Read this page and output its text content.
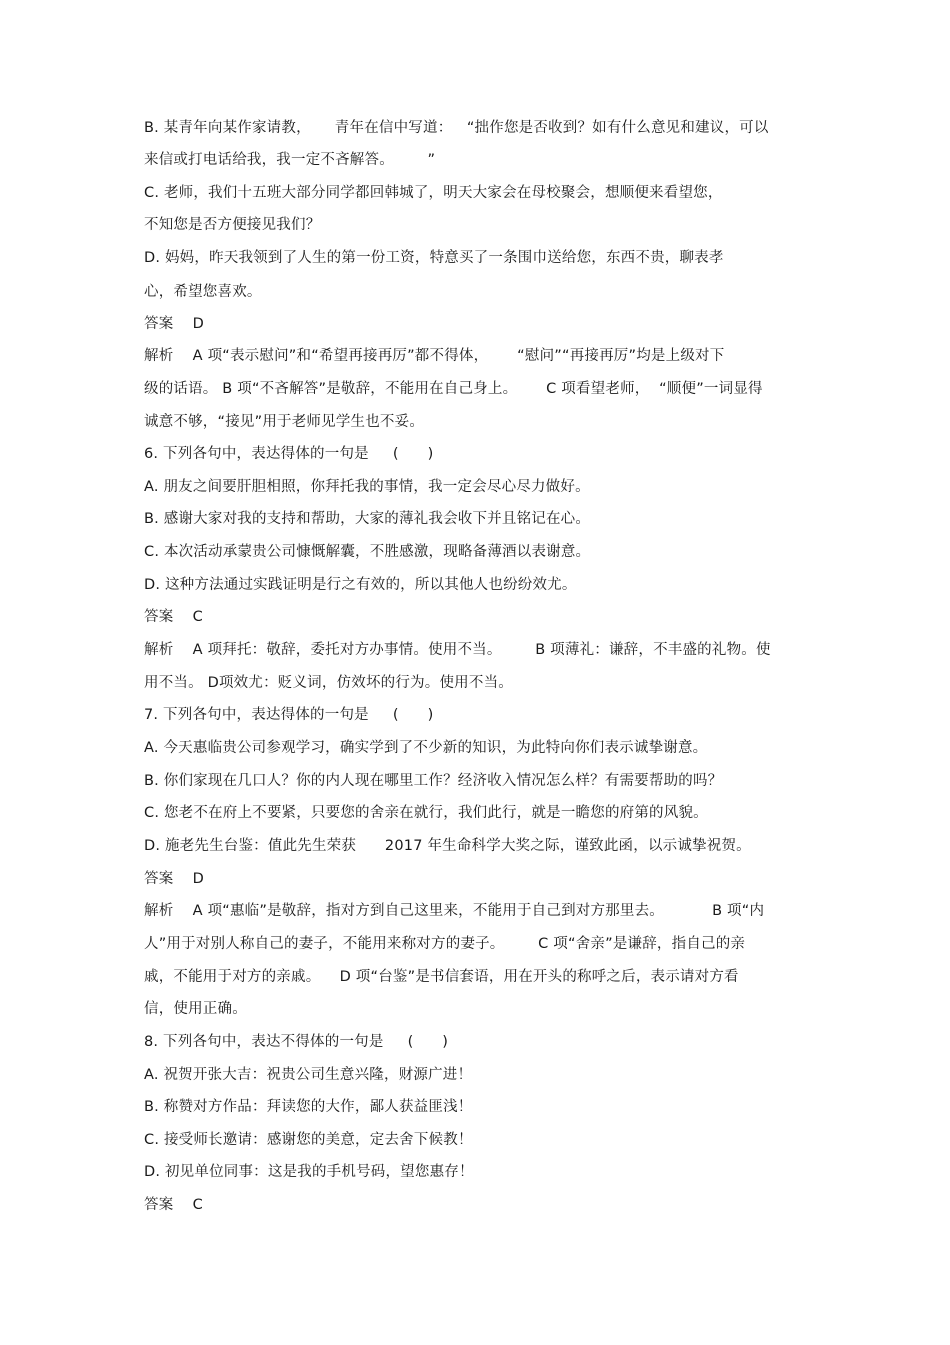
B. 某青年向某作家请教，     青年在信中写道：   “拙作您是否收到？如有什么意见和建议，可以
来信或打电话给我，我一定不吝解答。       ”
C. 老师，我们十五班大部分同学都回韩城了，明天大家会在母校聚会，想顺便来看望您，
不知您是否方便接见我们？
D. 妈妈，昨天我领到了人生的第一份工资，特意买了一条围巾送给您，东西不贵，聊表孝
心，希望您喜欢。
答案    D
解析    A 项“表示慰问”和“希望再接再厉”都不得体，      “慰问”“再接再厉”均是上级对下
级的话语。 B 项“不吝解答”是敬辞，不能用在自己身上。      C 项看望老师，  “顺便”一词显得
诚意不够，“接见”用于老师见学生也不妥。
6. 下列各句中，表达得体的一句是     (      )
A. 朋友之间要肝胆相照，你拜托我的事情，我一定会尽心尽力做好。
B. 感谢大家对我的支持和帮助，大家的薄礼我会收下并且铭记在心。
C. 本次活动承蒙贵公司慷慨解囊，不胜感激，现略备薄酒以表谢意。
D. 这种方法通过实践证明是行之有效的，所以其他人也纷纷效尤。
答案    C
解析    A 项拜托：敬辞，委托对方办事情。使用不当。       B 项薄礼：谦辞，不丰盛的礼物。使
用不当。 D项效尤：贬义词，仿效坏的行为。使用不当。
7. 下列各句中，表达得体的一句是     (      )
A. 今天惠临贵公司参观学习，确实学到了不少新的知识，为此特向你们表示诚挚谢意。
B. 你们家现在几口人？你的内人现在哪里工作？经济收入情况怎么样？有需要帮助的吗？
C. 您老不在府上不要紧，只要您的舍亲在就行，我们此行，就是一瞻您的府第的风貌。
D. 施老先生台鉴：值此先生荣获      2017 年生命科学大奖之际，谨致此函，以示诚挚祝贺。
答案    D
解析    A 项“惠临”是敬辞，指对方到自己这里来，不能用于自己到对方那里去。          B 项“内
人”用于对别人称自己的妻子，不能用来称对方的妻子。       C 项“舍亲”是谦辞，指自己的亲
戚，不能用于对方的亲戚。    D 项“台鉴”是书信套语，用在开头的称呼之后，表示请对方看
信，使用正确。
8. 下列各句中，表达不得体的一句是     (      )
A. 祝贺开张大吉：祝贵公司生意兴隆，财源广进！
B. 称赞对方作品：拜读您的大作，鄙人获益匪浅！
C. 接受师长邀请：感谢您的美意，定去舍下候教！
D. 初见单位同事：这是我的手机号码，望您惠存！
答案    C
